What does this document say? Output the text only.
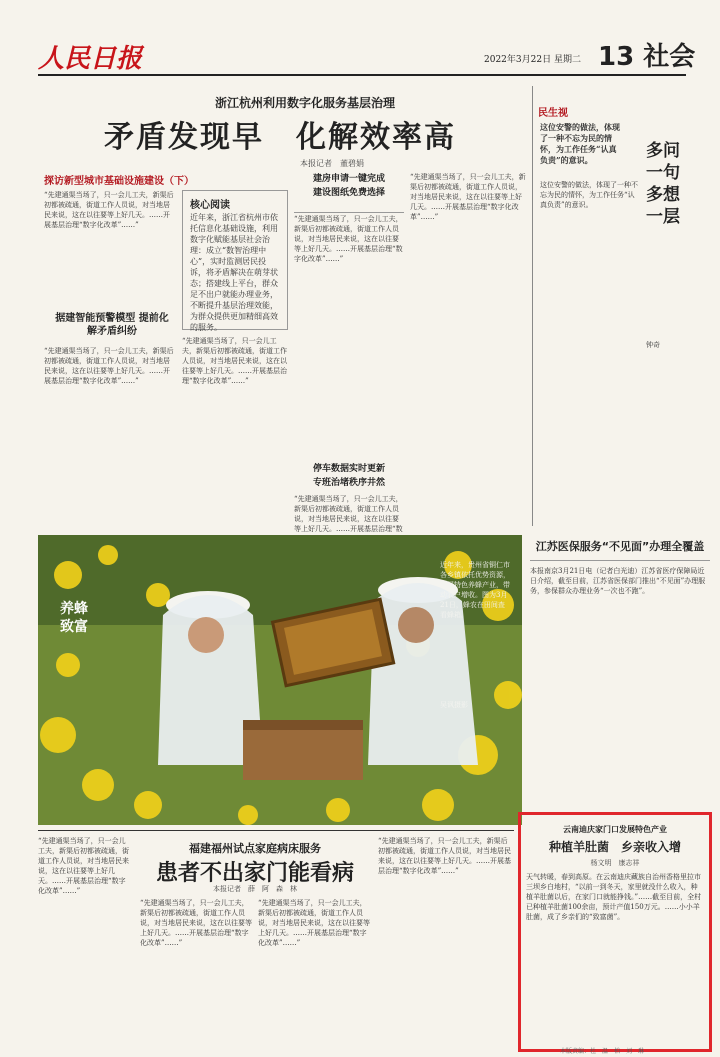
人民日报	2022年3月22日 星期二 13 社会
浙江杭州利用数字化服务基层治理
矛盾发现早　化解效率高
本报记者　董碧娟
探访新型城市基础设施建设（下）
“先建通渠当场了，只一会儿工夫，新渠后初都被疏通，街道工作人员说，对当地居民来说，这在以往要等上好几天。……开展基层治理“数字化改革”……”
据建智能预警模型 提前化解矛盾纠纷
“先建通渠当场了，只一会儿工夫，新渠后初都被疏通，街道工作人员说，对当地居民来说，这在以往要等上好几天。……开展基层治理“数字化改革”……”
核心阅读
近年来，浙江省杭州市依托信息化基础设施，利用数字化赋能基层社会治理：成立“数智治理中心”，实时监测居民投诉，将矛盾解决在萌芽状态；搭建线上平台，群众足不出户就能办理业务，不断提升基层治理效能，为群众提供更加精细高效的服务。
“先建通渠当场了，只一会儿工夫，新渠后初都被疏通，街道工作人员说，对当地居民来说，这在以往要等上好几天。……开展基层治理“数字化改革”……”
建房申请一键完成
建设图纸免费选择
“先建通渠当场了，只一会儿工夫，新渠后初都被疏通，街道工作人员说，对当地居民来说，这在以往要等上好几天。……开展基层治理“数字化改革”……”
停车数据实时更新
专班治堵秩序井然
“先建通渠当场了，只一会儿工夫，新渠后初都被疏通，街道工作人员说，对当地居民来说，这在以往要等上好几天。……开展基层治理“数
“先建通渠当场了，只一会儿工夫，新渠后初都被疏通，街道工作人员说，对当地居民来说，这在以往要等上好几天。……开展基层治理“数字化改革”……”
民生视
这位安警的做法，体现了一种不忘为民的情怀，为工作任务“认真负责”的意识。	多问一句　多想一层
这位安警的做法，体现了一种不忘为民的情怀，为工作任务“认真负责”的意识。
钟奇
养蜂致富
近年来，贵州省铜仁市各乡镇依托优势资源，发展特色养蜂产业，带动农户增收。图为3月21日，蜂农在田间查看蜂箱。
吴讽摄影
江苏医保服务“不见面”办理全覆盖
本报南京3月21日电（记者白光迪）江苏省医疗保障局近日介绍，截至目前，江苏省医保部门推出“不见面”办理服务，参保群众办理业务“一次也不跑”。
“先建通渠当场了，只一会儿工夫，新渠后初都被疏通，街道工作人员说，对当地居民来说，这在以往要等上好几天。……开展基层治理“数字化改革”……”
福建福州试点家庭病床服务
患者不出家门能看病
本报记者　薛　阿　森　林
“先建通渠当场了，只一会儿工夫，新渠后初都被疏通，街道工作人员说，对当地居民来说，这在以往要等上好几天。……开展基层治理“数字化改革”……”
“先建通渠当场了，只一会儿工夫，新渠后初都被疏通，街道工作人员说，对当地居民来说，这在以往要等上好几天。……开展基层治理“数字化改革”……”
“先建通渠当场了，只一会儿工夫，新渠后初都被疏通，街道工作人员说，对当地居民来说，这在以往要等上好几天。……开展基层治理“数字化改革”……”
云南迪庆家门口发展特色产业
种植羊肚菌　乡亲收入增
杨文明　康志祥
天气转暖，春到高原。在云南迪庆藏族自治州香格里拉市三坝乡白地村，“以前一到冬天，家里就没什么收入，种植羊肚菌以后，在家门口就能挣钱。”……截至目前，全村已种植羊肚菌100余亩，预计产值150万元。……小小羊肚菌，成了乡亲们的“致富菌”。
本版责编：杜　温　柏　刘　琳
